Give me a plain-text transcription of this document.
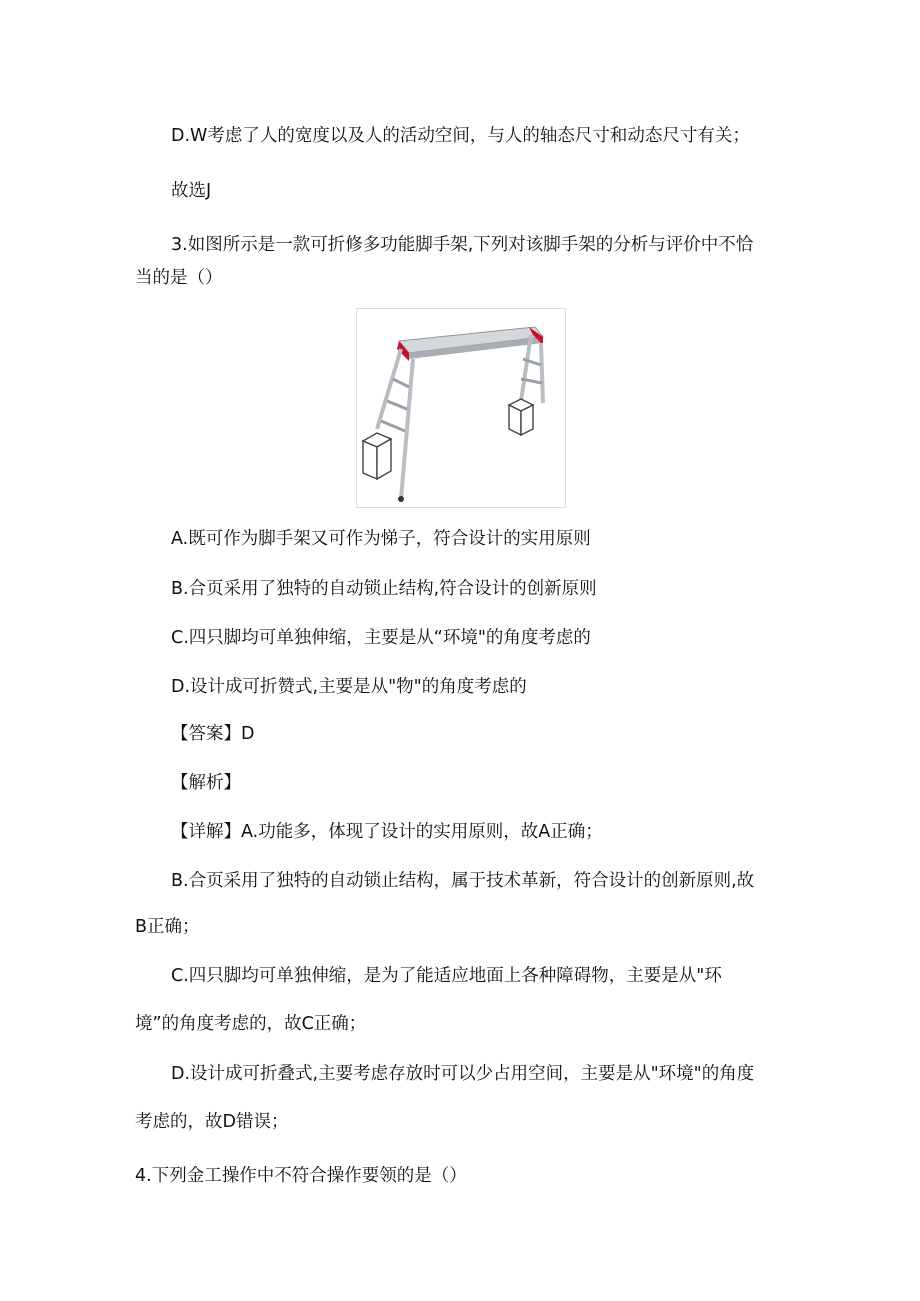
D.W考虑了人的宽度以及人的活动空间，与人的轴态尺寸和动态尺寸有关；
故选J
3.如图所示是一款可折修多功能脚手架,下列对该脚手架的分析与评价中不恰
当的是（）
A.既可作为脚手架又可作为悌子，符合设计的实用原则
B.合页采用了独特的自动锁止结构,符合设计的创新原则
C.四只脚均可单独伸缩，主要是从“环境"的角度考虑的
D.设计成可折赞式,主要是从"物"的角度考虑的
【答案】D
【解析】
【详解】A.功能多，体现了设计的实用原则，故A正确；
B.合页采用了独特的自动锁止结构，属于技术革新，符合设计的创新原则,故
B正确；
C.四只脚均可单独伸缩，是为了能适应地面上各种障碍物，主要是从"环
境”的角度考虑的，故C正确；
D.设计成可折叠式,主要考虑存放时可以少占用空间，主要是从"环境"的角度
考虑的，故D错误；
4.下列金工操作中不符合操作要领的是（）
